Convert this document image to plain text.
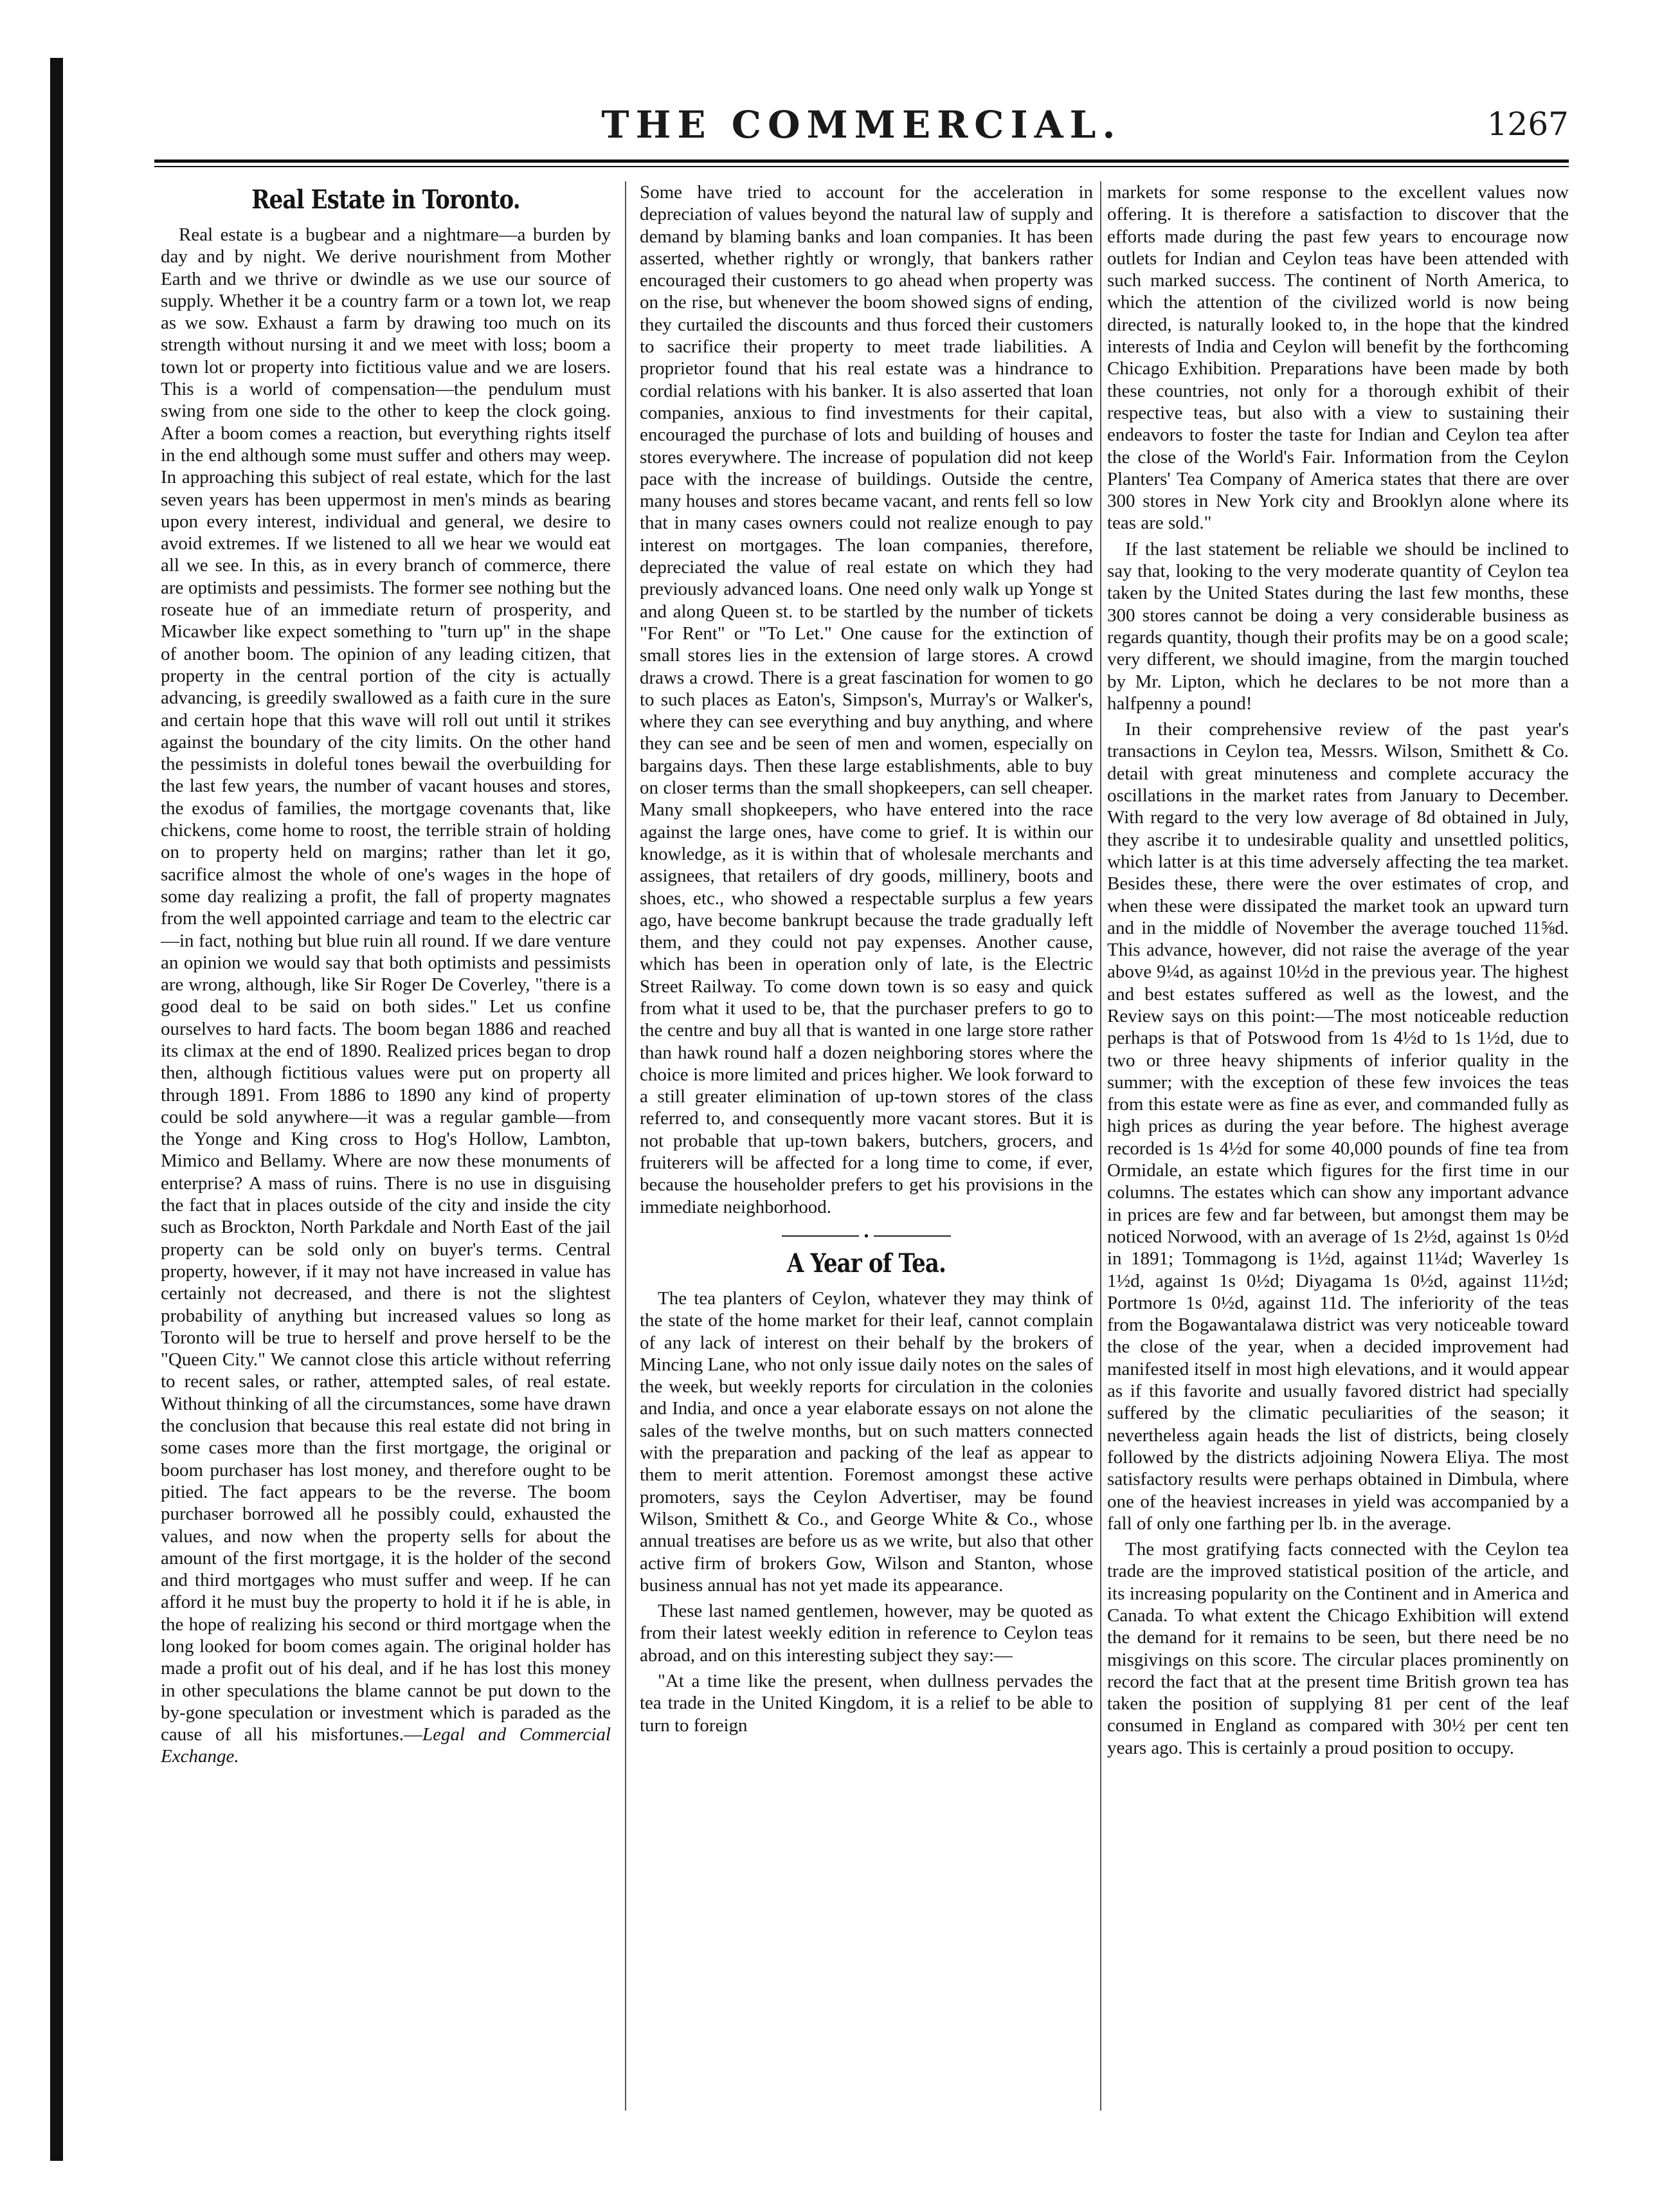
THE COMMERCIAL.	1267
Real Estate in Toronto.

Real estate is a bugbear and a nightmare—a burden by day and by night. We derive nourishment from Mother Earth and we thrive or dwindle as we use our source of supply. Whether it be a country farm or a town lot, we reap as we sow. Exhaust a farm by drawing too much on its strength without nursing it and we meet with loss; boom a town lot or property into fictitious value and we are losers. This is a world of compensation—the pendulum must swing from one side to the other to keep the clock going. After a boom comes a reaction, but everything rights itself in the end although some must suffer and others may weep. In approaching this subject of real estate, which for the last seven years has been uppermost in men's minds as bearing upon every interest, individual and general, we desire to avoid extremes. If we listened to all we hear we would eat all we see. In this, as in every branch of commerce, there are optimists and pessimists. The former see nothing but the roseate hue of an immediate return of prosperity, and Micawber like expect something to "turn up" in the shape of another boom. The opinion of any leading citizen, that property in the central portion of the city is actually advancing, is greedily swallowed as a faith cure in the sure and certain hope that this wave will roll out until it strikes against the boundary of the city limits. On the other hand the pessimists in doleful tones bewail the overbuilding for the last few years, the number of vacant houses and stores, the exodus of families, the mortgage covenants that, like chickens, come home to roost, the terrible strain of holding on to property held on margins; rather than let it go, sacrifice almost the whole of one's wages in the hope of some day realizing a profit, the fall of property magnates from the well appointed carriage and team to the electric car—in fact, nothing but blue ruin all round. If we dare venture an opinion we would say that both optimists and pessimists are wrong, although, like Sir Roger De Coverley, "there is a good deal to be said on both sides." Let us confine ourselves to hard facts. The boom began 1886 and reached its climax at the end of 1890. Realized prices began to drop then, although fictitious values were put on property all through 1891. From 1886 to 1890 any kind of property could be sold anywhere—it was a regular gamble—from the Yonge and King cross to Hog's Hollow, Lambton, Mimico and Bellamy. Where are now these monuments of enterprise? A mass of ruins. There is no use in disguising the fact that in places outside of the city and inside the city such as Brockton, North Parkdale and North East of the jail property can be sold only on buyer's terms. Central property, however, if it may not have increased in value has certainly not decreased, and there is not the slightest probability of anything but increased values so long as Toronto will be true to herself and prove herself to be the "Queen City." We cannot close this article without referring to recent sales, or rather, attempted sales, of real estate. Without thinking of all the circumstances, some have drawn the conclusion that because this real estate did not bring in some cases more than the first mortgage, the original or boom purchaser has lost money, and therefore ought to be pitied. The fact appears to be the reverse. The boom purchaser borrowed all he possibly could, exhausted the values, and now when the property sells for about the amount of the first mortgage, it is the holder of the second and third mortgages who must suffer and weep. If he can afford it he must buy the property to hold it if he is able, in the hope of realizing his second or third mortgage when the long looked for boom comes again. The original holder has made a profit out of his deal, and if he has lost this money in other speculations the blame cannot be put down to the by-gone speculation or investment which is paraded as the cause of all his misfortunes.—Legal and Commercial Exchange.

Some have tried to account for the acceleration in depreciation of values beyond the natural law of supply and demand by blaming banks and loan companies. It has been asserted, whether rightly or wrongly, that bankers rather encouraged their customers to go ahead when property was on the rise, but whenever the boom showed signs of ending, they curtailed the discounts and thus forced their customers to sacrifice their property to meet trade liabilities. A proprietor found that his real estate was a hindrance to cordial relations with his banker. It is also asserted that loan companies, anxious to find investments for their capital, encouraged the purchase of lots and building of houses and stores everywhere. The increase of population did not keep pace with the increase of buildings. Outside the centre, many houses and stores became vacant, and rents fell so low that in many cases owners could not realize enough to pay interest on mortgages. The loan companies, therefore, depreciated the value of real estate on which they had previously advanced loans. One need only walk up Yonge st and along Queen st. to be startled by the number of tickets "For Rent" or "To Let." One cause for the extinction of small stores lies in the extension of large stores. A crowd draws a crowd. There is a great fascination for women to go to such places as Eaton's, Simpson's, Murray's or Walker's, where they can see everything and buy anything, and where they can see and be seen of men and women, especially on bargains days. Then these large establishments, able to buy on closer terms than the small shopkeepers, can sell cheaper. Many small shopkeepers, who have entered into the race against the large ones, have come to grief. It is within our knowledge, as it is within that of wholesale merchants and assignees, that retailers of dry goods, millinery, boots and shoes, etc., who showed a respectable surplus a few years ago, have become bankrupt because the trade gradually left them, and they could not pay expenses. Another cause, which has been in operation only of late, is the Electric Street Railway. To come down town is so easy and quick from what it used to be, that the purchaser prefers to go to the centre and buy all that is wanted in one large store rather than hawk round half a dozen neighboring stores where the choice is more limited and prices higher. We look forward to a still greater elimination of up-town stores of the class referred to, and consequently more vacant stores. But it is not probable that up-town bakers, butchers, grocers, and fruiterers will be affected for a long time to come, if ever, because the householder prefers to get his provisions in the immediate neighborhood.

•
A Year of Tea.

The tea planters of Ceylon, whatever they may think of the state of the home market for their leaf, cannot complain of any lack of interest on their behalf by the brokers of Mincing Lane, who not only issue daily notes on the sales of the week, but weekly reports for circulation in the colonies and India, and once a year elaborate essays on not alone the sales of the twelve months, but on such matters connected with the preparation and packing of the leaf as appear to them to merit attention. Foremost amongst these active promoters, says the Ceylon Advertiser, may be found Wilson, Smithett & Co., and George White & Co., whose annual treatises are before us as we write, but also that other active firm of brokers Gow, Wilson and Stanton, whose business annual has not yet made its appearance.

These last named gentlemen, however, may be quoted as from their latest weekly edition in reference to Ceylon teas abroad, and on this interesting subject they say:—

"At a time like the present, when dullness pervades the tea trade in the United Kingdom, it is a relief to be able to turn to foreign

markets for some response to the excellent values now offering. It is therefore a satisfaction to discover that the efforts made during the past few years to encourage now outlets for Indian and Ceylon teas have been attended with such marked success. The continent of North America, to which the attention of the civilized world is now being directed, is naturally looked to, in the hope that the kindred interests of India and Ceylon will benefit by the forthcoming Chicago Exhibition. Preparations have been made by both these countries, not only for a thorough exhibit of their respective teas, but also with a view to sustaining their endeavors to foster the taste for Indian and Ceylon tea after the close of the World's Fair. Information from the Ceylon Planters' Tea Company of America states that there are over 300 stores in New York city and Brooklyn alone where its teas are sold."

If the last statement be reliable we should be inclined to say that, looking to the very moderate quantity of Ceylon tea taken by the United States during the last few months, these 300 stores cannot be doing a very considerable business as regards quantity, though their profits may be on a good scale; very different, we should imagine, from the margin touched by Mr. Lipton, which he declares to be not more than a halfpenny a pound!

In their comprehensive review of the past year's transactions in Ceylon tea, Messrs. Wilson, Smithett & Co. detail with great minuteness and complete accuracy the oscillations in the market rates from January to December. With regard to the very low average of 8d obtained in July, they ascribe it to undesirable quality and unsettled politics, which latter is at this time adversely affecting the tea market. Besides these, there were the over estimates of crop, and when these were dissipated the market took an upward turn and in the middle of November the average touched 11⅝d. This advance, however, did not raise the average of the year above 9¼d, as against 10½d in the previous year. The highest and best estates suffered as well as the lowest, and the Review says on this point:—The most noticeable reduction perhaps is that of Potswood from 1s 4½d to 1s 1½d, due to two or three heavy shipments of inferior quality in the summer; with the exception of these few invoices the teas from this estate were as fine as ever, and commanded fully as high prices as during the year before. The highest average recorded is 1s 4½d for some 40,000 pounds of fine tea from Ormidale, an estate which figures for the first time in our columns. The estates which can show any important advance in prices are few and far between, but amongst them may be noticed Norwood, with an average of 1s 2½d, against 1s 0½d in 1891; Tommagong is 1½d, against 11¼d; Waverley 1s 1½d, against 1s 0½d; Diyagama 1s 0½d, against 11½d; Portmore 1s 0½d, against 11d. The inferiority of the teas from the Bogawantalawa district was very noticeable toward the close of the year, when a decided improvement had manifested itself in most high elevations, and it would appear as if this favorite and usually favored district had specially suffered by the climatic peculiarities of the season; it nevertheless again heads the list of districts, being closely followed by the districts adjoining Nowera Eliya. The most satisfactory results were perhaps obtained in Dimbula, where one of the heaviest increases in yield was accompanied by a fall of only one farthing per lb. in the average.

The most gratifying facts connected with the Ceylon tea trade are the improved statistical position of the article, and its increasing popularity on the Continent and in America and Canada. To what extent the Chicago Exhibition will extend the demand for it remains to be seen, but there need be no misgivings on this score. The circular places prominently on record the fact that at the present time British grown tea has taken the position of supplying 81 per cent of the leaf consumed in England as compared with 30½ per cent ten years ago. This is certainly a proud position to occupy.
